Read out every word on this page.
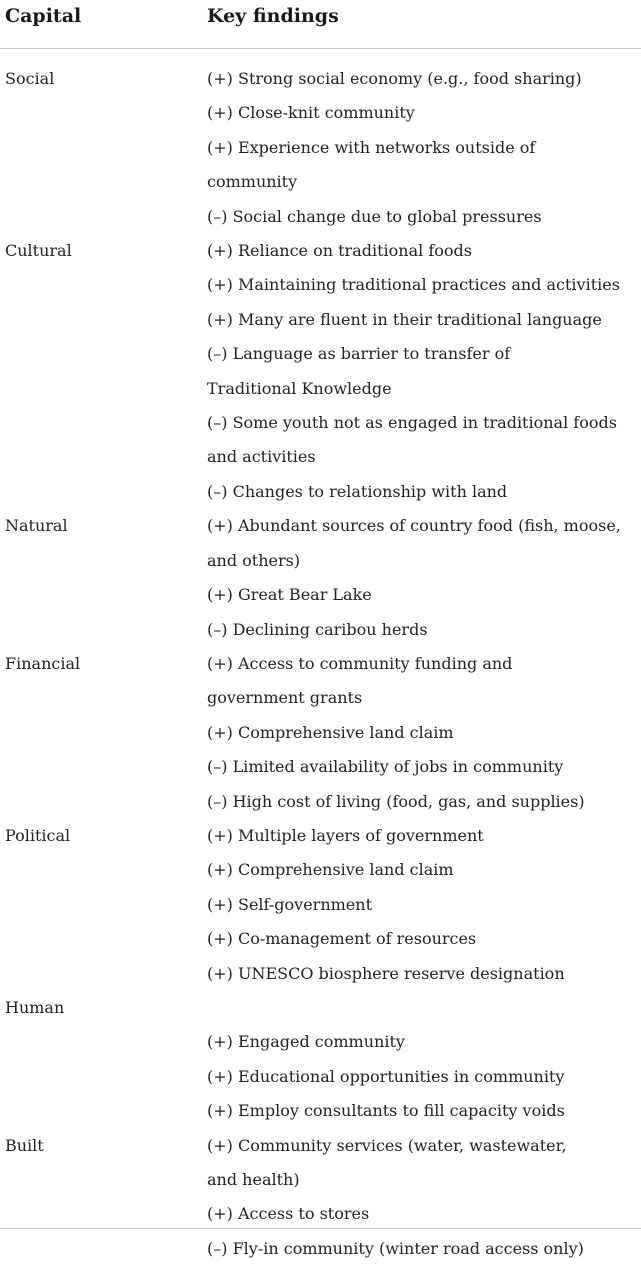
Capital	Key findings
Social	(+) Strong social economy (e.g., food sharing)
(+) Close-knit community
(+) Experience with networks outside of community
(–) Social change due to global pressures
Cultural	(+) Reliance on traditional foods
(+) Maintaining traditional practices and activities
(+) Many are fluent in their traditional language
(–) Language as barrier to transfer of
Traditional Knowledge
(–) Some youth not as engaged in traditional foods
and activities
(–) Changes to relationship with land
Natural	(+) Abundant sources of country food (fish, moose,
and others)
(+) Great Bear Lake
(–) Declining caribou herds
Financial	(+) Access to community funding and
government grants
(+) Comprehensive land claim
(–) Limited availability of jobs in community
(–) High cost of living (food, gas, and supplies)
Political	(+) Multiple layers of government
(+) Comprehensive land claim
(+) Self-government
(+) Co-management of resources
(+) UNESCO biosphere reserve designation
Human
(+) Engaged community
(+) Educational opportunities in community
(+) Employ consultants to fill capacity voids
Built	(+) Community services (water, wastewater,
and health)
(+) Access to stores
(–) Fly-in community (winter road access only)
